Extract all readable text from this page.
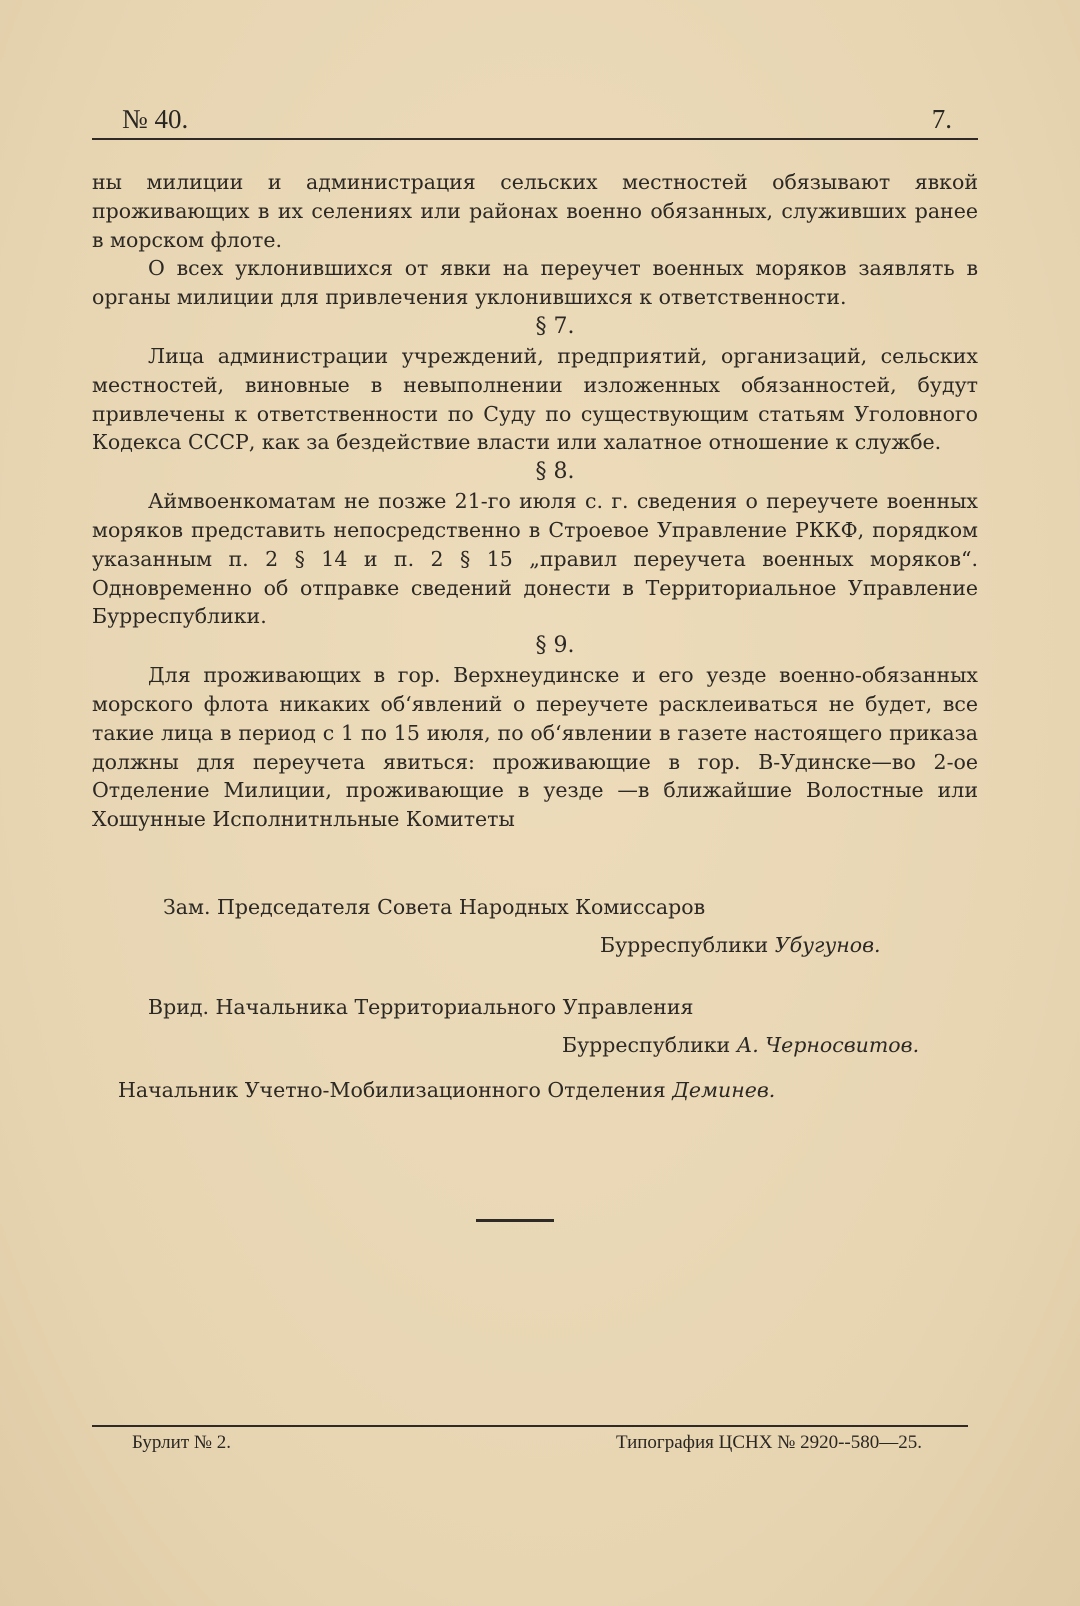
№ 40.	7.

ны милиции и администрация сельских местностей обязывают явкой проживающих в их селениях или районах военно обязанных, служивших ранее в морском флоте.

О всех уклонившихся от явки на переучет военных моряков заявлять в органы милиции для привлечения уклонившихся к ответственности.

§ 7.

Лица администрации учреждений, предприятий, организаций, сельских местностей, виновные в невыполнении изложенных обязанностей, будут привлечены к ответственности по Суду по существующим статьям Уголовного Кодекса СССР, как за бездействие власти или халатное отношение к службе.

§ 8.

Аймвоенкоматам не позже 21-го июля с. г. сведения о переучете военных моряков представить непосредственно в Строевое Управление РККФ, порядком указанным п. 2 § 14 и п. 2 § 15 „правил переучета военных моряков“. Одновременно об отправке сведений донести в Территориальное Управление Бурреспублики.

§ 9.

Для проживающих в гор. Верхнеудинске и его уезде военно-обязанных морского флота никаких об‘явлений о переучете расклеиваться не будет, все такие лица в период с 1 по 15 июля, по об‘явлении в газете настоящего приказа должны для переучета явиться: проживающие в гор. В-Удинске—во 2-ое Отделение Милиции, проживающие в уезде —в ближайшие Волостные или Хошунные Исполнитнльные Комитеты

Зам. Председателя Совета Народных Комиссаров
Бурреспублики Убугунов.
Врид. Начальника Территориального Управления
Бурреспублики А. Черносвитов.
Начальник Учетно-Мобилизационного Отделения Деминев.
Бурлит № 2.	Типография ЦСНХ № 2920--580—25.
